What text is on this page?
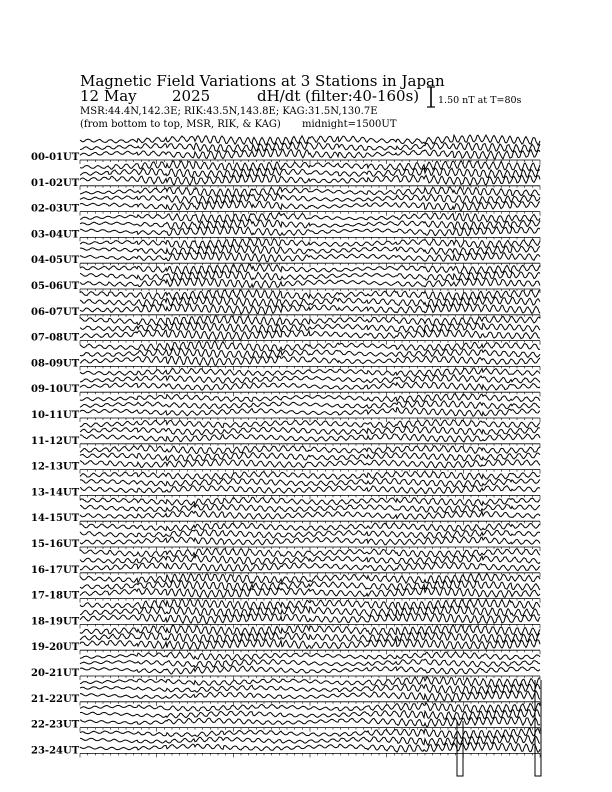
Magnetic Field Variations at 3 Stations in Japan
12 May 2025	dH/dt (filter:40-160s)
MSR:44.4N,142.3E; RIK:43.5N,143.8E; KAG:31.5N,130.7E
(from bottom to top, MSR, RIK, & KAG) midnight=1500UT
1.50 nT at T=80s
00-01UT
01-02UT
02-03UT
03-04UT
04-05UT
05-06UT
06-07UT
07-08UT
08-09UT
09-10UT
10-11UT
11-12UT
12-13UT
13-14UT
14-15UT
15-16UT
16-17UT
17-18UT
18-19UT
19-20UT
20-21UT
21-22UT
22-23UT
23-24UT
